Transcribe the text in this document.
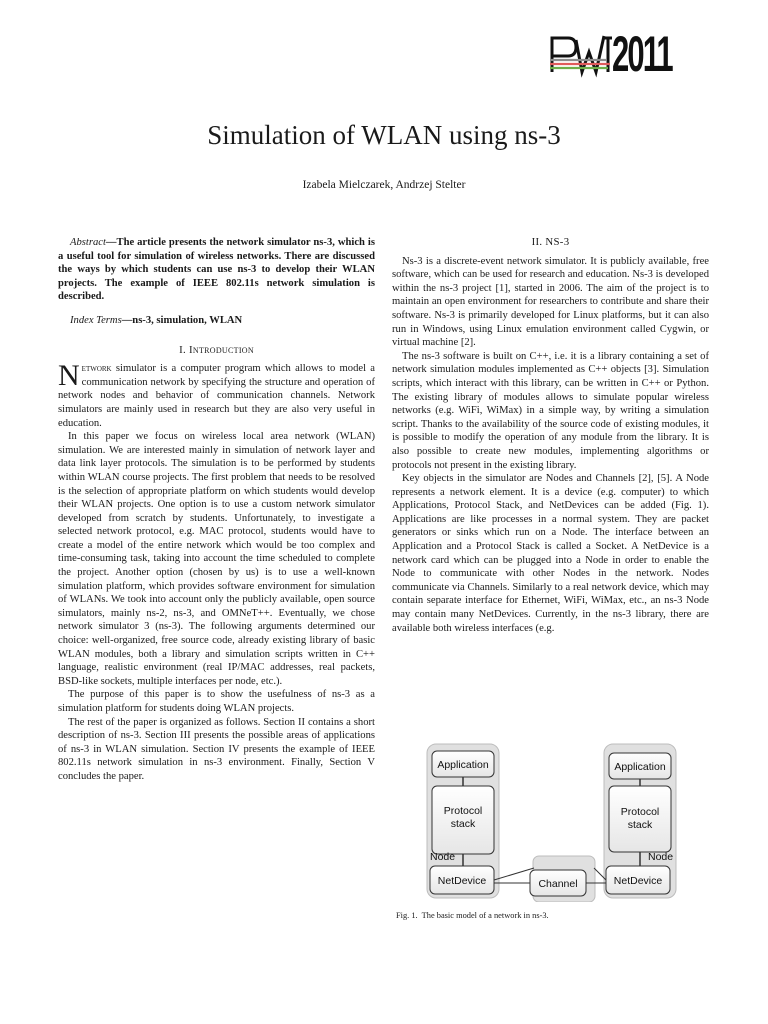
2011
Simulation of WLAN using ns-3
Izabela Mielczarek, Andrzej Stelter

Abstract—The article presents the network simulator ns-3, which is a useful tool for simulation of wireless networks. There are discussed the ways by which students can use ns-3 to develop their WLAN projects. The example of IEEE 802.11s network simulation is described.

Index Terms—ns-3, simulation, WLAN

I. Introduction

Network simulator is a computer program which allows to model a communication network by specifying the structure and operation of network nodes and behavior of communication channels. Network simulators are mainly used in research but they are also very useful in education.

In this paper we focus on wireless local area network (WLAN) simulation. We are interested mainly in simulation of network layer and data link layer protocols. The simulation is to be performed by students within WLAN course projects. The first problem that needs to be resolved is the selection of appropriate platform on which students would develop their WLAN projects. One option is to use a custom network simulator developed from scratch by students. Unfortunately, to investigate a selected network protocol, e.g. MAC protocol, students would have to create a model of the entire network which would be too complex and time-consuming task, taking into account the time scheduled to complete the project. Another option (chosen by us) is to use a well-known simulation platform, which provides software environment for simulation of WLANs. We took into account only the publicly available, open source simulators, mainly ns-2, ns-3, and OMNeT++. Eventually, we chose network simulator 3 (ns-3). The following arguments determined our choice: well-organized, free source code, already existing library of basic WLAN modules, both a library and simulation scripts written in C++ language, realistic environment (real IP/MAC addresses, real packets, BSD-like sockets, multiple interfaces per node, etc.).

The purpose of this paper is to show the usefulness of ns-3 as a simulation platform for students doing WLAN projects.

The rest of the paper is organized as follows. Section II contains a short description of ns-3. Section III presents the possible areas of applications of ns-3 in WLAN simulation. Section IV presents the example of IEEE 802.11s network simulation in ns-3 environment. Finally, Section V concludes the paper.

II. NS-3

Ns-3 is a discrete-event network simulator. It is publicly available, free software, which can be used for research and education. Ns-3 is developed within the ns-3 project [1], started in 2006. The aim of the project is to maintain an open environment for researchers to contribute and share their software. Ns-3 is primarily developed for Linux platforms, but it can also run in Windows, using Linux emulation environment called Cygwin, or virtual machine [2].

The ns-3 software is built on C++, i.e. it is a library containing a set of network simulation modules implemented as C++ objects [3]. Simulation scripts, which interact with this library, can be written in C++ or Python. The existing library of modules allows to simulate popular wireless networks (e.g. WiFi, WiMax) in a simple way, by writing a simulation script. Thanks to the availability of the source code of existing modules, it is possible to modify the operation of any module from the library. It is also possible to create new modules, implementing algorithms or protocols not present in the existing library.

Key objects in the simulator are Nodes and Channels [2], [5]. A Node represents a network element. It is a device (e.g. computer) to which Applications, Protocol Stack, and NetDevices can be added (Fig. 1). Applications are like processes in a normal system. They are packet generators or sinks which run on a Node. The interface between an Application and a Protocol Stack is called a Socket. A NetDevice is a network card which can be plugged into a Node in order to enable the Node to communicate with other Nodes in the network. Nodes communicate via Channels. Similarly to a real network device, which may contain separate interface for Ethernet, WiFi, WiMax, etc., an ns-3 Node may contain many NetDevices. Currently, in the ns-3 library, there are available both wireless interfaces (e.g.

Application
Protocol
stack
Node
NetDevice
Application
Protocol
stack
Node
NetDevice
Channel
Fig. 1. The basic model of a network in ns-3.
